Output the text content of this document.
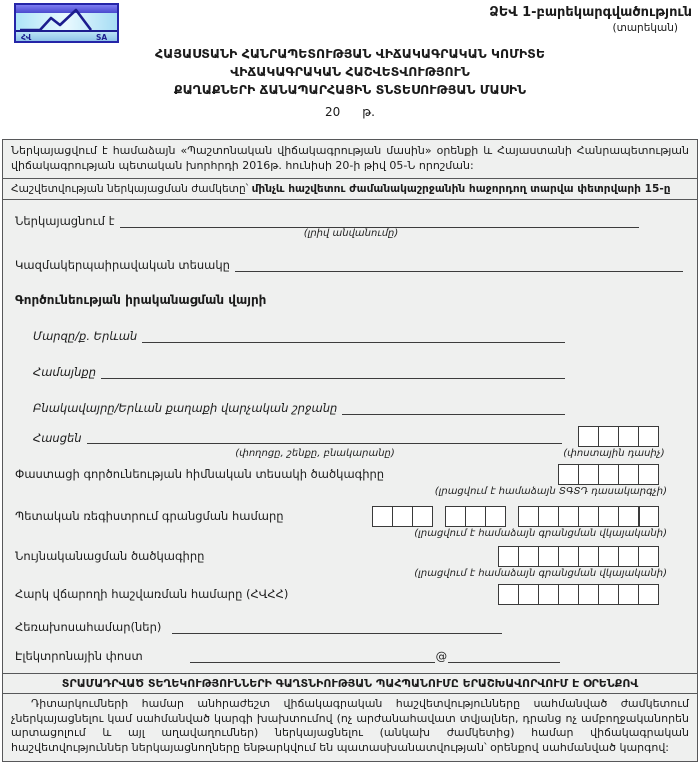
ՀՎ	SA
ՁԵՎ 1-բարեկարգվածություն
(տարեկան)
ՀԱՅԱՍՏԱՆԻ ՀԱՆՐԱՊԵՏՈՒԹՅԱՆ ՎԻՃԱԿԱԳՐԱԿԱՆ ԿՈՄԻՏԵ
ՎԻՃԱԿԱԳՐԱԿԱՆ ՀԱՇՎԵՏՎՈՒԹՅՈՒՆ
ՔԱՂԱՔՆԵՐԻ ՃԱՆԱՊԱՐՀԱՅԻՆ ՏՆՏԵՍՈՒԹՅԱՆ ՄԱՍԻՆ
20 թ.
Ներկայացվում է համաձայն «Պաշտոնական վիճակագրության մասին» օրենքի և Հայաստանի Հանրապետության վիճակագրության պետական խորհրդի 2016թ. հունիսի 20-ի թիվ 05-Ն որոշման:
Հաշվետվության ներկայացման ժամկետը՝ մինչև հաշվետու ժամանակաշրջանին հաջորդող տարվա փետրվարի 15-ը
Ներկայացնում է
(լրիվ անվանումը)
Կազմակերպաիրավական տեսակը
Գործունեության իրականացման վայրի
Մարզը/ք. Երևան
Համայնքը
Բնակավայրը/Երևան քաղաքի վարչական շրջանը
Հասցեն
(փողոցը, շենքը, բնակարանը)	(փոստային դասիչ)
Փաստացի գործունեության հիմնական տեսակի ծածկագիրը
(լրացվում է համաձայն ՏԳՏԴ դասակարգչի)
Պետական ռեգիստրում գրանցման համարը
(լրացվում է համաձայն գրանցման վկայականի)
Նույնականացման ծածկագիրը
(լրացվում է համաձայն գրանցման վկայականի)
Հարկ վճարողի հաշվառման համարը (ՀՎՀՀ)
Հեռախոսահամար(ներ)
Էլեկտրոնային փոստ	@
ՏՐԱՄԱԴՐՎԱԾ ՏԵՂԵԿՈՒԹՅՈՒՆՆԵՐԻ ԳԱՂՏՆԻՈՒԹՅԱՆ ՊԱՀՊԱՆՈՒՄԸ ԵՐԱՇԽԱՎՈՐՎՈՒՄ Է ՕՐԵՆՔՈՎ
Դիտարկումների համար անհրաժեշտ վիճակագրական հաշվետվությունները սահմանված ժամկետում չներկայացնելու կամ սահմանված կարգի խախտումով (ոչ արժանահավատ տվյալներ, դրանց ոչ ամբողջականորեն արտացոլում և այլ աղավաղումներ) ներկայացնելու (անկախ ժամկետից) համար վիճակագրական հաշվետվություններ ներկայացնողները ենթարկվում են պատասխանատվության՝ օրենքով սահմանված կարգով:
